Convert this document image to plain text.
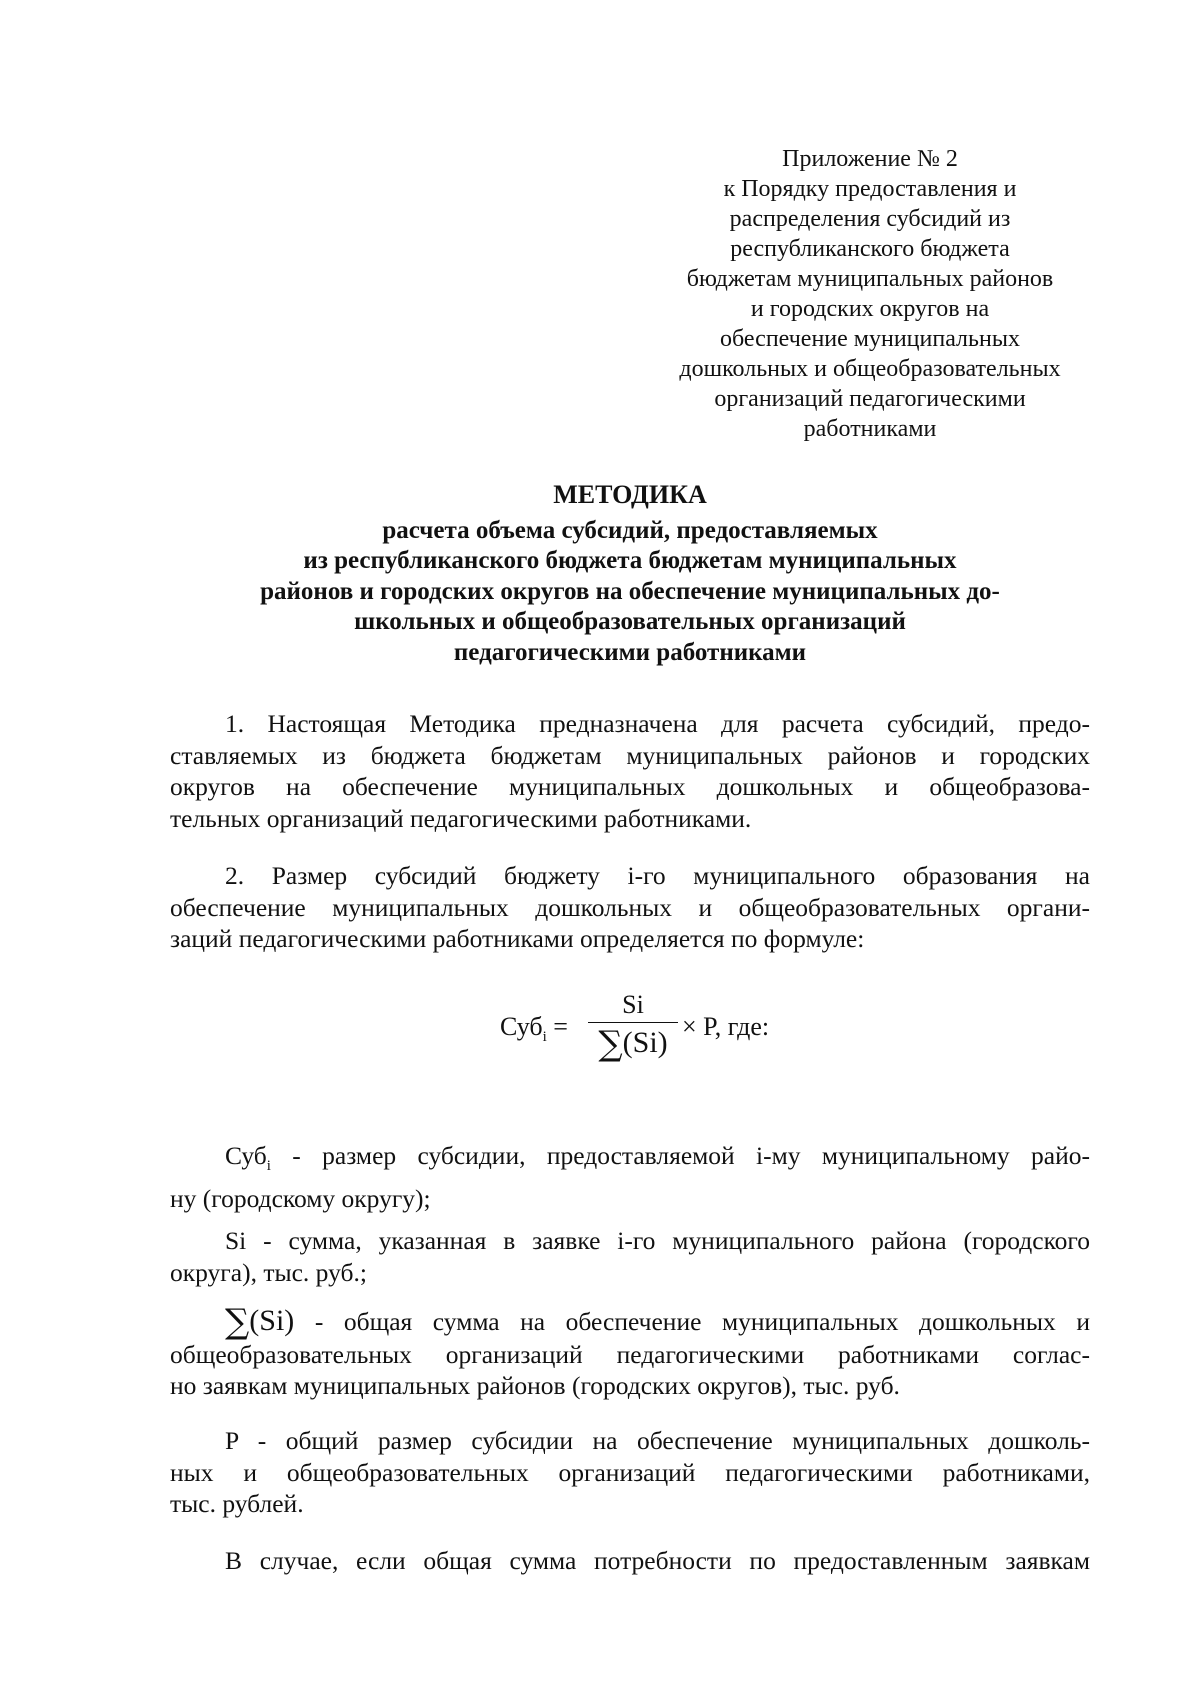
Приложение № 2
к Порядку предоставления и
распределения субсидий из
республиканского бюджета
бюджетам муниципальных районов
и городских округов на
обеспечение муниципальных
дошкольных и общеобразовательных
организаций педагогическими
работниками
МЕТОДИКА
расчета объема субсидий, предоставляемых
из республиканского бюджета бюджетам муниципальных
районов и городских округов на обеспечение муниципальных до-
школьных и общеобразовательных организаций
педагогическими работниками
1. Настоящая Методика предназначена для расчета субсидий, предо-
ставляемых из бюджета бюджетам муниципальных районов и городских
округов на обеспечение муниципальных дошкольных и общеобразова-
тельных организаций педагогическими работниками.
2. Размер субсидий бюджету i-го муниципального образования на
обеспечение муниципальных дошкольных и общеобразовательных органи-
заций педагогическими работниками определяется по формуле:
Суб$_i$ =
Si
∑(Si) × P, где:
Суб$_i$ - размер субсидии, предоставляемой i-му муниципальному райо-
ну (городскому округу);
Si - сумма, указанная в заявке i-го муниципального района (городского
округа), тыс. руб.;
∑(Si) - общая сумма на обеспечение муниципальных дошкольных и
общеобразовательных организаций педагогическими работниками соглас-
но заявкам муниципальных районов (городских округов), тыс. руб.
P - общий размер субсидии на обеспечение муниципальных дошколь-
ных и общеобразовательных организаций педагогическими работниками,
тыс. рублей.
В случае, если общая сумма потребности по предоставленным заявкам
